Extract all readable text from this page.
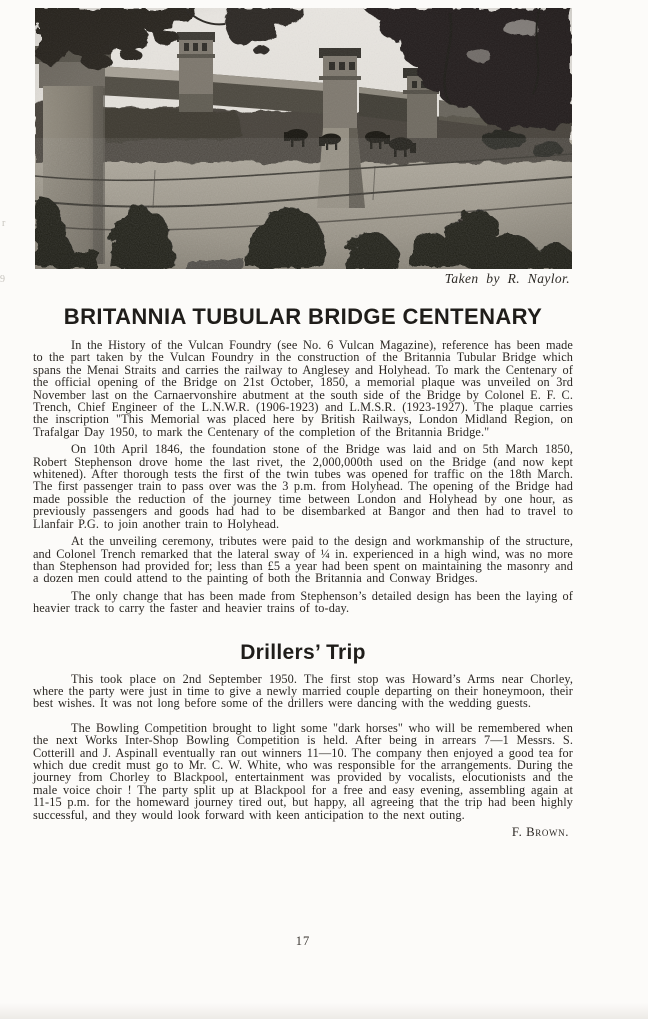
r
9	Taken by R. Naylor.
BRITANNIA TUBULAR BRIDGE CENTENARY

In the History of the Vulcan Foundry (see No. 6 Vulcan Magazine), reference has been made to the part taken by the Vulcan Foundry in the construction of the Britannia Tubular Bridge which spans the Menai Straits and carries the railway to Anglesey and Holyhead. To mark the Centenary of the official opening of the Bridge on 21st October, 1850, a memorial plaque was unveiled on 3rd November last on the Carnaervonshire abutment at the south side of the Bridge by Colonel E. F. C. Trench, Chief Engineer of the L.N.W.R. (1906-1923) and L.M.S.R. (1923-1927). The plaque carries the inscription "This Memorial was placed here by British Railways, London Midland Region, on Trafalgar Day 1950, to mark the Centenary of the completion of the Britannia Bridge."

On 10th April 1846, the foundation stone of the Bridge was laid and on 5th March 1850, Robert Stephenson drove home the last rivet, the 2,000,000th used on the Bridge (and now kept whitened). After thorough tests the first of the twin tubes was opened for traffic on the 18th March. The first passenger train to pass over was the 3 p.m. from Holyhead. The opening of the Bridge had made possible the reduction of the journey time between London and Holyhead by one hour, as previously passengers and goods had had to be disembarked at Bangor and then had to travel to Llanfair P.G. to join another train to Holyhead.

At the unveiling ceremony, tributes were paid to the design and workmanship of the structure, and Colonel Trench remarked that the lateral sway of ¼ in. experienced in a high wind, was no more than Stephenson had provided for; less than £5 a year had been spent on maintaining the masonry and a dozen men could attend to the painting of both the Britannia and Conway Bridges.

The only change that has been made from Stephenson’s detailed design has been the laying of heavier track to carry the faster and heavier trains of to-day.

Drillers’ Trip

This took place on 2nd September 1950. The first stop was Howard’s Arms near Chorley, where the party were just in time to give a newly married couple departing on their honeymoon, their best wishes. It was not long before some of the drillers were dancing with the wedding guests.

The Bowling Competition brought to light some "dark horses" who will be remembered when the next Works Inter-Shop Bowling Competition is held. After being in arrears 7—1 Messrs. S. Cotterill and J. Aspinall eventually ran out winners 11—10. The company then enjoyed a good tea for which due credit must go to Mr. C. W. White, who was responsible for the arrangements. During the journey from Chorley to Blackpool, entertainment was provided by vocalists, elocutionists and the male voice choir ! The party split up at Blackpool for a free and easy evening, assembling again at 11-15 p.m. for the homeward journey tired out, but happy, all agreeing that the trip had been highly successful, and they would look forward with keen anticipation to the next outing.

F. Brown.
17
